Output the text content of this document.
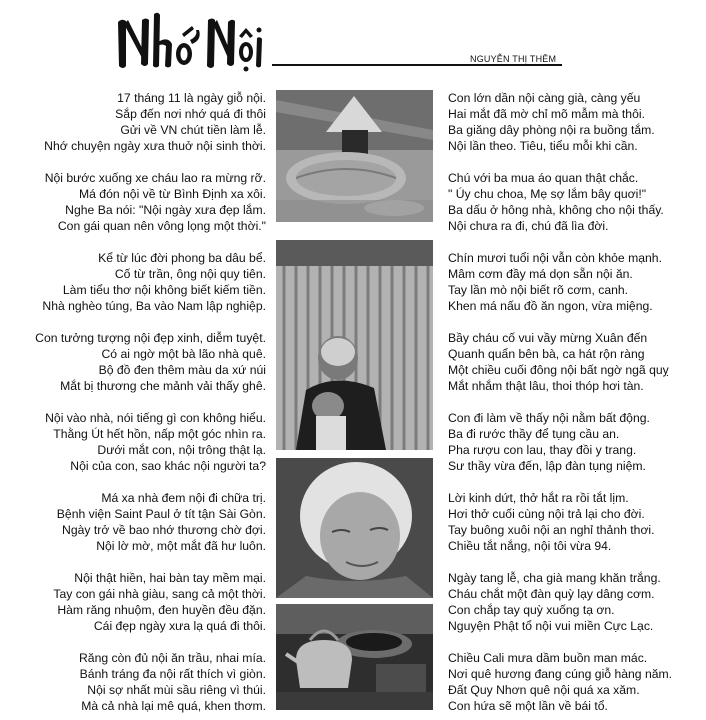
NGUYỄN THỊ THÊM
17 tháng 11 là ngày giỗ nội.
Sắp đến nơi nhớ quá đi thôi
Gửi về VN chút tiền làm lễ.
Nhớ chuyện ngày xưa thuở nội sinh thời.
Nội bước xuống xe cháu lao ra mừng rỡ.
Má đón nội về từ Bình Định xa xôi.
Nghe Ba nói: "Nội ngày xưa đẹp lắm.
Con gái quan nên vông lọng một thời."
Kể từ lúc đời phong ba dâu bể.
Cố từ trần, ông nội quy tiên.
Làm tiểu thơ nội không biết kiếm tiền.
Nhà nghèo túng, Ba vào Nam lập nghiệp.
Con tưởng tượng nội đẹp xinh, diễm tuyệt.
Có ai ngờ một bà lão nhà quê.
Bộ đồ đen thêm màu da xứ núi
Mắt bị thương che mảnh vải thấy ghê.
Nội vào nhà, nói tiếng gì con không hiểu.
Thằng Út hết hồn, nấp một góc nhìn ra.
Dưới mắt con, nội trông thật lạ.
Nội của con, sao khác nội người ta?
Má xa nhà đem nội đi chữa trị.
Bệnh viện Saint Paul ở tít tận Sài Gòn.
Ngày trở về bao nhớ thương chờ đợi.
Nội lờ mờ, một mắt đã hư luôn.
Nội thật hiền, hai bàn tay mềm mại.
Tay con gái nhà giàu, sang cả một thời.
Hàm răng nhuộm, đen huyền đều đặn.
Cái đẹp ngày xưa lạ quá đi thôi.
Răng còn đủ nội ăn trầu, nhai mía.
Bánh tráng đa nội rất thích vì giòn.
Nội sợ nhất mùi sầu riêng vì thúi.
Mà cả nhà lại mê quá, khen thơm.
Con lớn dần nội càng già, càng yếu
Hai mắt đã mờ chỉ mõ mẫm mà thôi.
Ba giăng dây phòng nội ra buồng tắm.
Nội lần theo. Tiêu, tiểu mỗi khi cần.
Chú với ba mua áo quan thật chắc.
" Úy chu choa, Mẹ sợ lắm bây quơi!"
Ba dấu ở hông nhà, không cho nội thấy.
Nội chưa ra đi, chú đã lìa đời.
Chín mươi tuổi nội vẫn còn khỏe mạnh.
Mâm cơm đầy má dọn sẵn nội ăn.
Tay lần mò nội biết rõ cơm, canh.
Khen má nấu đồ ăn ngon, vừa miệng.
Bầy cháu cố vui vầy mừng Xuân đến
Quanh quẩn bên bà, ca hát rộn ràng
Một chiều cuối đông nội bất ngờ ngã quỵ
Mắt nhắm thật lâu, thoi thóp hơi tàn.
Con đi làm về thấy nội nằm bất động.
Ba đi rước thầy để tụng cầu an.
Pha rượu con lau, thay đồi y trang.
Sư thầy vừa đến, lập đàn tụng niệm.
Lời kinh dứt, thở hắt ra rồi tắt lịm.
Hơi thở cuối cùng nội trả lại cho đời.
Tay buông xuôi nội an nghỉ thảnh thơi.
Chiều tắt nắng, nội tôi vừa 94.
Ngày tang lễ, cha già mang khăn trắng.
Cháu chắt một đàn quỳ lạy dâng cơm.
Con chắp tay quỳ xuống tạ ơn.
Nguyện Phật tổ nội vui miền Cực Lạc.
Chiều Cali mưa dầm buồn man mác.
Nơi quê hương đang cúng giỗ hàng năm.
Đất Quy Nhơn quê nội quá xa xăm.
Con hứa sẽ một lần về bái tổ.
